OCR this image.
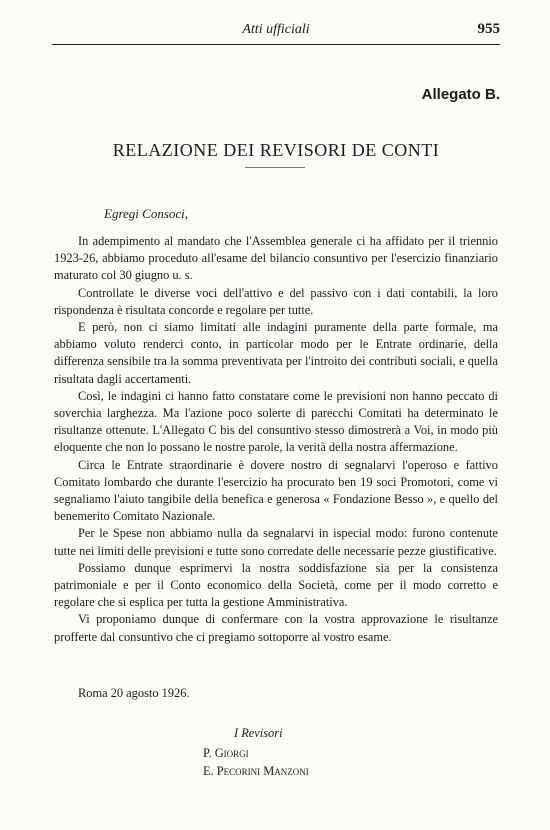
Atti ufficiali	955
Allegato B.
RELAZIONE DEI REVISORI DE CONTI
Egregi Consoci,

In adempimento al mandato che l'Assemblea generale ci ha affidato per il triennio 1923-26, abbiamo proceduto all'esame del bilancio consuntivo per l'esercizio finanziario maturato col 30 giugno u. s.

Controllate le diverse voci dell'attivo e del passivo con i dati contabili, la loro rispondenza è risultata concorde e regolare per tutte.

E però, non ci siamo limitati alle indagini puramente della parte formale, ma abbiamo voluto renderci conto, in particolar modo per le Entrate ordinarie, della differenza sensibile tra la somma preventivata per l'introito dei contributi sociali, e quella risultata dagli accertamenti.

Così, le indagini ci hanno fatto constatare come le previsioni non hanno peccato di soverchia larghezza. Ma l'azione poco solerte di parecchi Comitati ha determinato le risultanze ottenute. L'Allegato C bis del consuntivo stesso dimostrerà a Voi, in modo più eloquente che non lo possano le nostre parole, la verità della nostra affermazione.

Circa le Entrate straordinarie è dovere nostro di segnalarvi l'operoso e fattivo Comitato lombardo che durante l'esercizio ha procurato ben 19 soci Promotori, come vi segnaliamo l'aiuto tangibile della benefica e generosa « Fondazione Besso », e quello del benemerito Comitato Nazionale.

Per le Spese non abbiamo nulla da segnalarvi in ispecial modo: furono contenute tutte nei limiti delle previsioni e tutte sono corredate delle necessarie pezze giustificative.

Possiamo dunque esprimervi la nostra soddisfazione sia per la consistenza patrimoniale e per il Conto economico della Società, come per il modo corretto e regolare che si esplica per tutta la gestione Amministrativa.

Vi proponiamo dunque di confermare con la vostra approvazione le risultanze profferte dal consuntivo che ci pregiamo sottoporre al vostro esame.

Roma 20 agosto 1926.
I Revisori
P. Giorgi
E. Pecorini Manzoni
